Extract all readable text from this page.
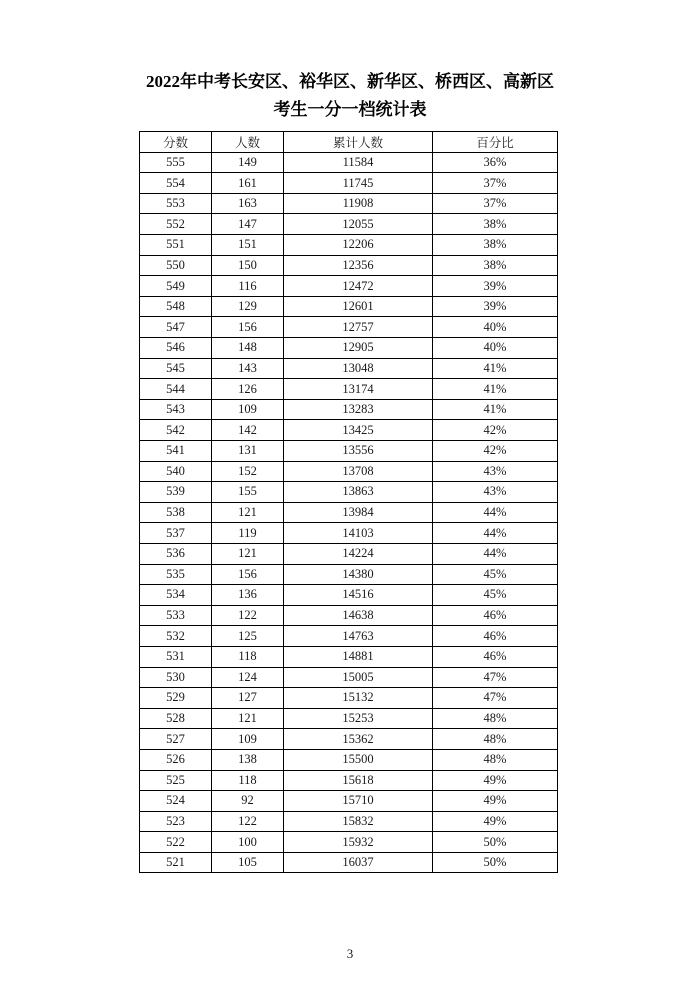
2022年中考长安区、裕华区、新华区、桥西区、高新区
考生一分一档统计表
分数	人数	累计人数	百分比
555	149	11584	36%
554	161	11745	37%
553	163	11908	37%
552	147	12055	38%
551	151	12206	38%
550	150	12356	38%
549	116	12472	39%
548	129	12601	39%
547	156	12757	40%
546	148	12905	40%
545	143	13048	41%
544	126	13174	41%
543	109	13283	41%
542	142	13425	42%
541	131	13556	42%
540	152	13708	43%
539	155	13863	43%
538	121	13984	44%
537	119	14103	44%
536	121	14224	44%
535	156	14380	45%
534	136	14516	45%
533	122	14638	46%
532	125	14763	46%
531	118	14881	46%
530	124	15005	47%
529	127	15132	47%
528	121	15253	48%
527	109	15362	48%
526	138	15500	48%
525	118	15618	49%
524	92	15710	49%
523	122	15832	49%
522	100	15932	50%
521	105	16037	50%
3
